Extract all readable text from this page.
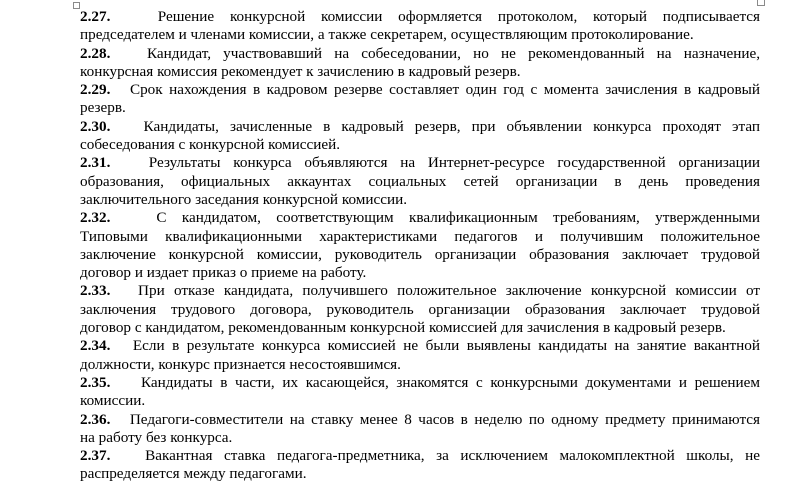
2.27.	Решение конкурсной комиссии оформляется протоколом, который подписывается
председателем и членами комиссии, а также секретарем, осуществляющим протоколирование.
2.28. Кандидат, участвовавший на собеседовании, но не рекомендованный на назначение,
конкурсная комиссия рекомендует к зачислению в кадровый резерв.
2.29. Срок нахождения в кадровом резерве составляет один год с момента зачисления в кадровый
резерв.
2.30. Кандидаты, зачисленные в кадровый резерв, при объявлении конкурса проходят этап
собеседования с конкурсной комиссией.
2.31.	Результаты конкурса объявляются на Интернет-ресурсе государственной организации
образования, официальных аккаунтах социальных сетей организации в день проведения
заключительного заседания конкурсной комиссии.
2.32.	С кандидатом, соответствующим квалификационным требованиям, утвержденными
Типовыми квалификационными характеристиками педагогов и получившим положительное
заключение конкурсной комиссии, руководитель организации образования заключает трудовой
договор и издает приказ о приеме на работу.
2.33. При отказе кандидата, получившего положительное заключение конкурсной комиссии от
заключения трудового договора, руководитель организации образования заключает трудовой
договор с кандидатом, рекомендованным конкурсной комиссией для зачисления в кадровый резерв.
2.34. Если в результате конкурса комиссией не были выявлены кандидаты на занятие вакантной
должности, конкурс признается несостоявшимся.
2.35.    Кандидаты в части, их касающейся, знакомятся с конкурсными документами и решением
комиссии.
2.36. Педагоги-совместители на ставку менее 8 часов в неделю по одному предмету принимаются
на работу без конкурса.
2.37. Вакантная ставка педагога-предметника, за исключением малокомплектной школы, не
распределяется между педагогами.
